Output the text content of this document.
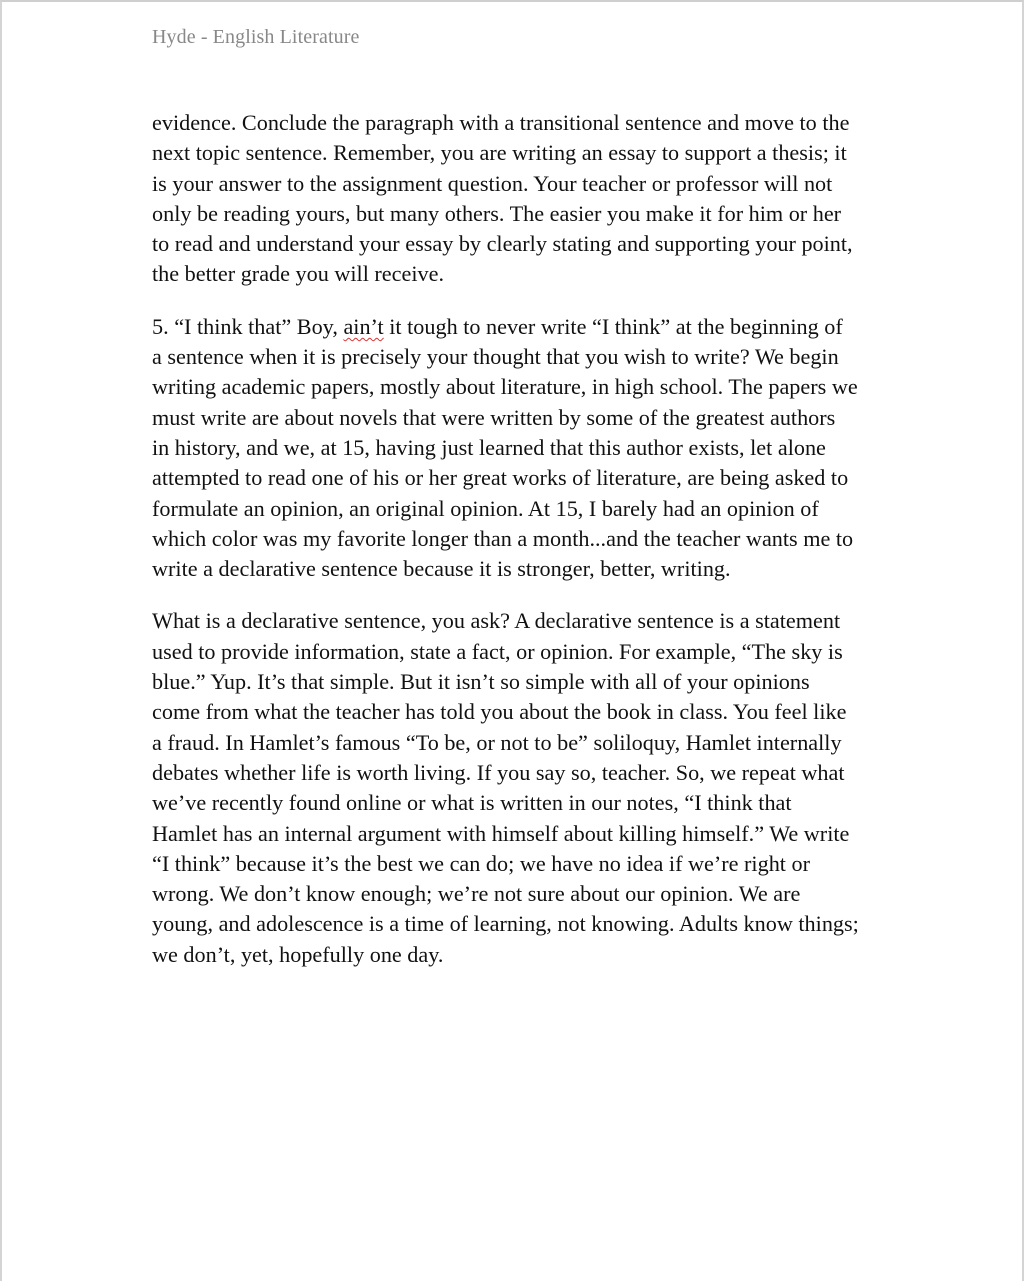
Hyde - English Literature

evidence. Conclude the paragraph with a transitional sentence and move to the
next topic sentence. Remember, you are writing an essay to support a thesis; it
is your answer to the assignment question. Your teacher or professor will not
only be reading yours, but many others. The easier you make it for him or her
to read and understand your essay by clearly stating and supporting your point,
the better grade you will receive.

5. “I think that” Boy, ain’t it tough to never write “I think” at the beginning of
a sentence when it is precisely your thought that you wish to write? We begin
writing academic papers, mostly about literature, in high school. The papers we
must write are about novels that were written by some of the greatest authors
in history, and we, at 15, having just learned that this author exists, let alone
attempted to read one of his or her great works of literature, are being asked to
formulate an opinion, an original opinion. At 15, I barely had an opinion of
which color was my favorite longer than a month...and the teacher wants me to
write a declarative sentence because it is stronger, better, writing.

What is a declarative sentence, you ask? A declarative sentence is a statement
used to provide information, state a fact, or opinion. For example, “The sky is
blue.” Yup. It’s that simple. But it isn’t so simple with all of your opinions
come from what the teacher has told you about the book in class. You feel like
a fraud. In Hamlet’s famous “To be, or not to be” soliloquy, Hamlet internally
debates whether life is worth living. If you say so, teacher. So, we repeat what
we’ve recently found online or what is written in our notes, “I think that
Hamlet has an internal argument with himself about killing himself.” We write
“I think” because it’s the best we can do; we have no idea if we’re right or
wrong. We don’t know enough; we’re not sure about our opinion. We are
young, and adolescence is a time of learning, not knowing. Adults know things;
we don’t, yet, hopefully one day.
